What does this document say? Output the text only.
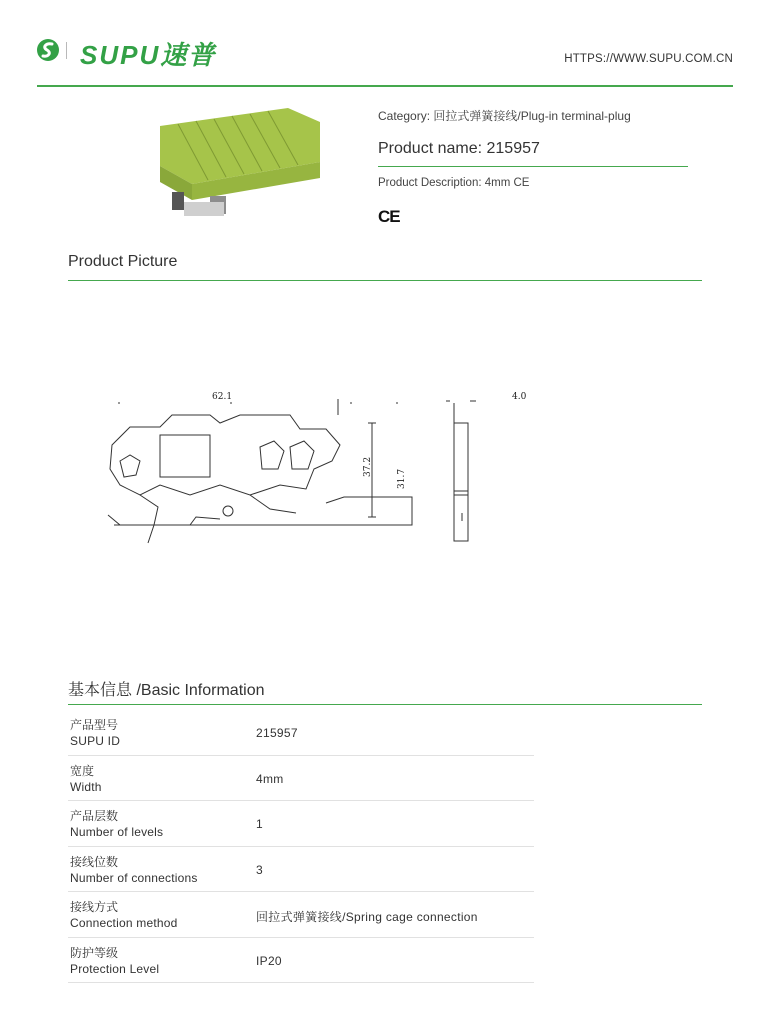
SUPU速普	HTTPS://WWW.SUPU.COM.CN
Category: 回拉式弹簧接线/Plug-in terminal-plug
Product name: 215957
Product Description: 4mm CE
CE
Product Picture
62.1
37.2
31.7
4.0
基本信息 /Basic Information
产品型号
SUPU ID
215957
宽度
Width
4mm
产品层数
Number of levels
1
接线位数
Number of connections
3
接线方式
Connection method	回拉式弹簧接线/Spring cage connection
防护等级
Protection Level
IP20
